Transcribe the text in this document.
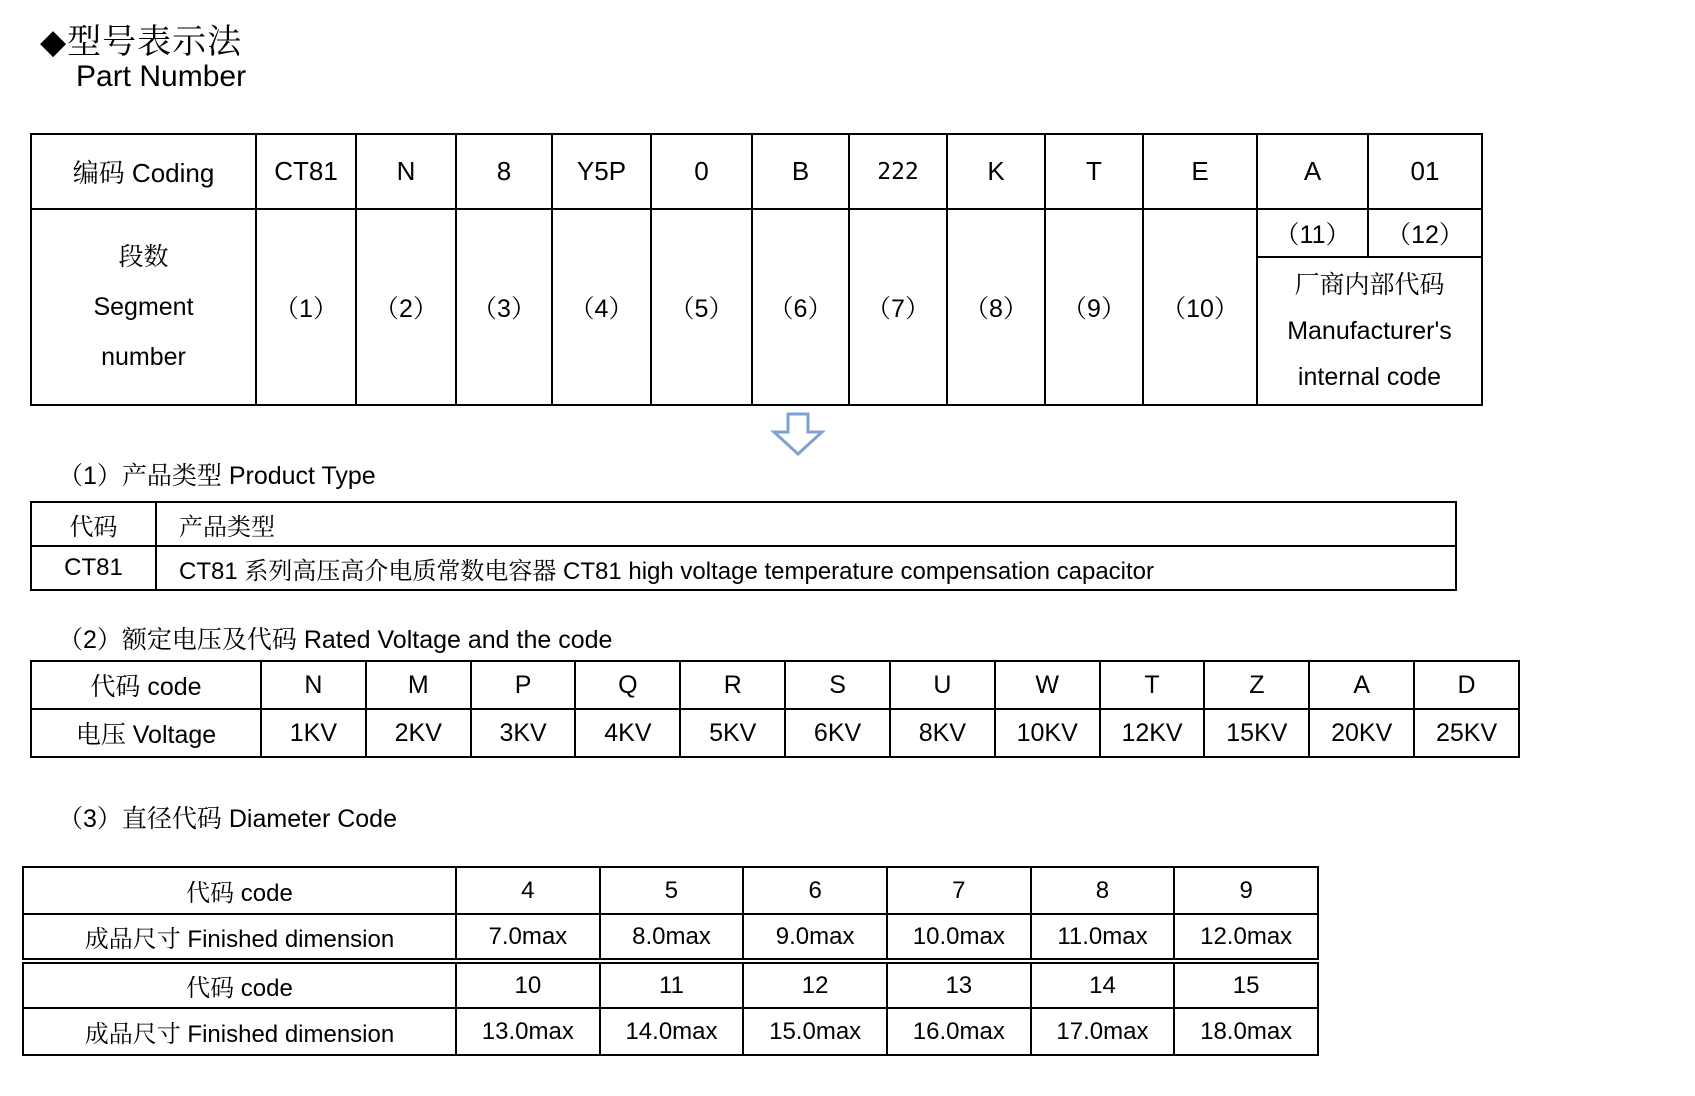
◆型号表示法
Part Number
编码 Coding	CT81	N	8	Y5P	0	B	222	K	T	E	A	01

段数
Segment
number	（1）	（2）	（3）	（4）	（5）	（6）	（7）	（8）	（9）	（10）	（11）	（12）

											厂商内部代码
Manufacturer's
internal code	
（1）产品类型 Product Type
代码	产品类型
CT81	CT81 系列高压高介电质常数电容器 CT81 high voltage temperature compensation capacitor
（2）额定电压及代码 Rated Voltage and the code
代码 code	N	M	P	Q	R	S	U	W	T	Z	A	D
电压 Voltage	1KV	2KV	3KV	4KV	5KV	6KV	8KV	10KV	12KV	15KV	20KV	25KV
（3）直径代码 Diameter Code
代码 code	4	5	6	7	8	9
成品尺寸 Finished dimension	7.0max	8.0max	9.0max	10.0max	11.0max	12.0max
代码 code	10	11	12	13	14	15
成品尺寸 Finished dimension	13.0max	14.0max	15.0max	16.0max	17.0max	18.0max
